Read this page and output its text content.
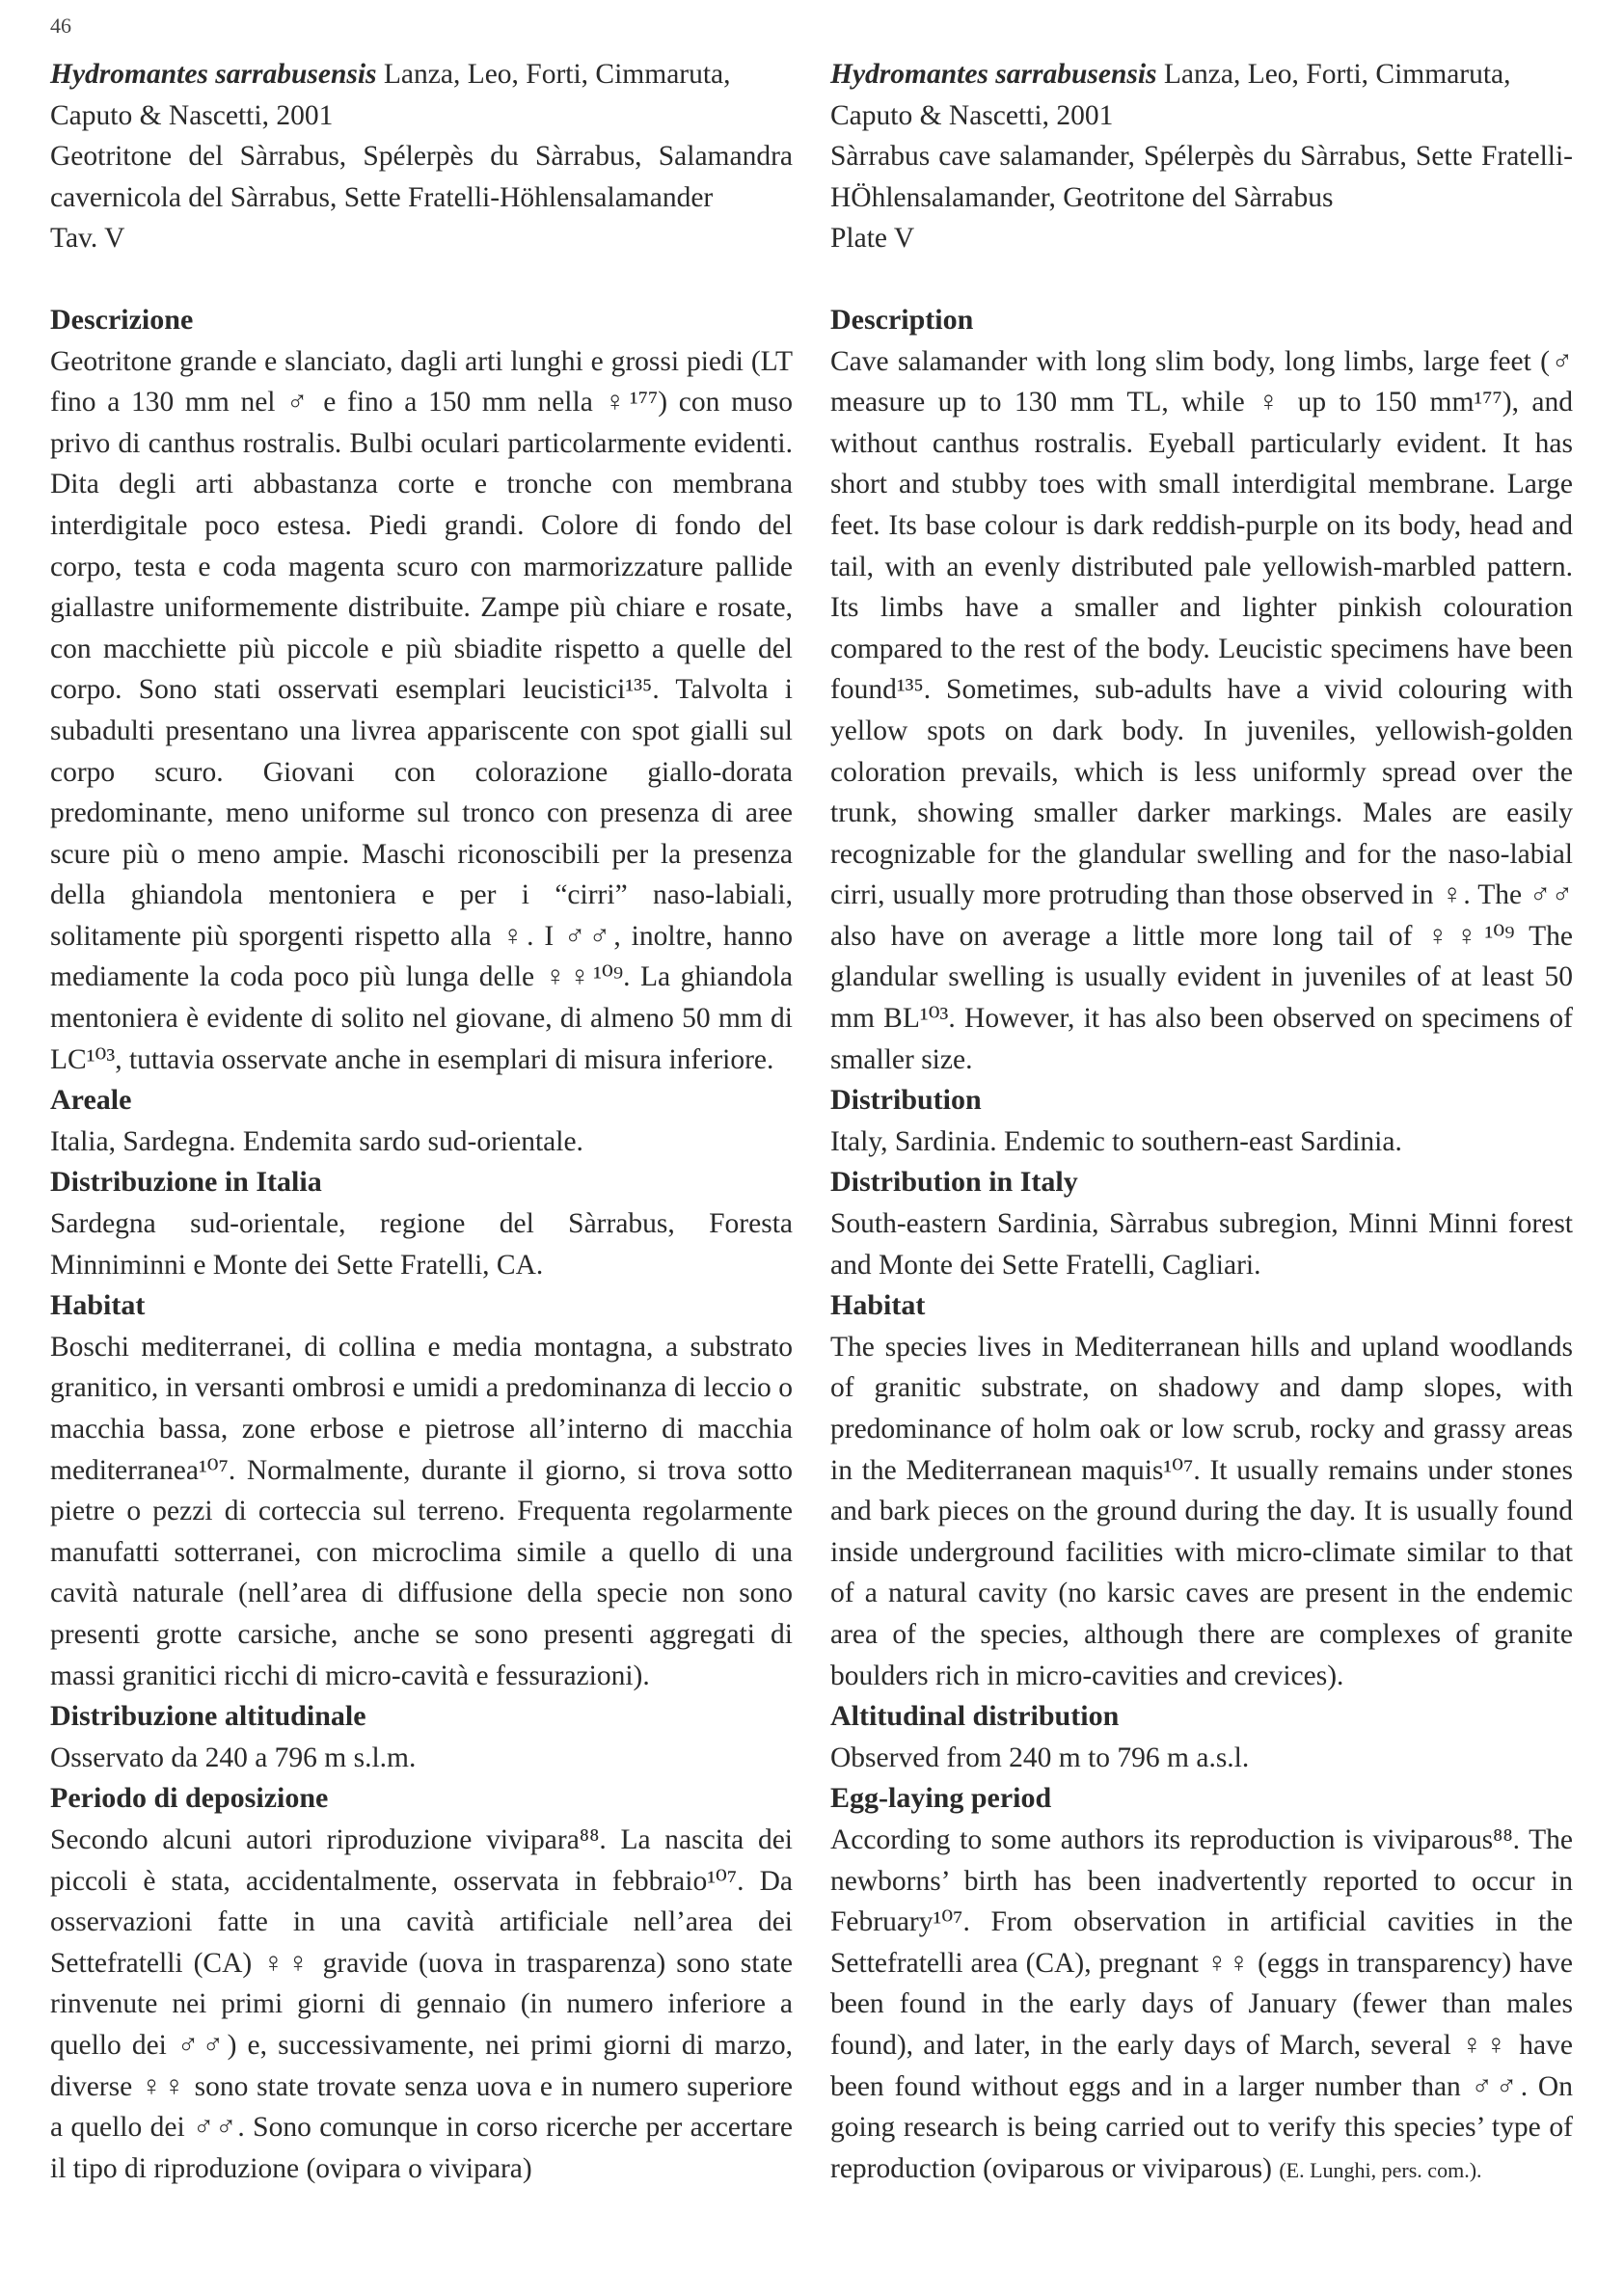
46
Hydromantes sarrabusensis Lanza, Leo, Forti, Cimmaruta,
Caputo & Nascetti, 2001
Geotritone del Sàrrabus, Spélerpès du Sàrrabus, Salamandra cavernicola del Sàrrabus, Sette Fratelli-Höhlensalamander
Tav. V
Descrizione
Geotritone grande e slanciato, dagli arti lunghi e grossi piedi (LT fino a 130 mm nel ♂ e fino a 150 mm nella ♀¹⁷⁷) con muso privo di canthus rostralis. Bulbi oculari particolarmente evidenti. Dita degli arti abbastanza corte e tronche con membrana interdigitale poco estesa. Piedi grandi. Colore di fondo del corpo, testa e coda magenta scuro con marmorizzature pallide giallastre uniformemente distribuite. Zampe più chiare e rosate, con macchiette più piccole e più sbiadite rispetto a quelle del corpo. Sono stati osservati esemplari leucistici¹³⁵. Talvolta i subadulti presentano una livrea appariscente con spot gialli sul corpo scuro. Giovani con colorazione giallo-dorata predominante, meno uniforme sul tronco con presenza di aree scure più o meno ampie. Maschi riconoscibili per la presenza della ghiandola mentoniera e per i “cirri” naso-labiali, solitamente più sporgenti rispetto alla ♀. I ♂♂, inoltre, hanno mediamente la coda poco più lunga delle ♀♀¹⁰⁹. La ghiandola mentoniera è evidente di solito nel giovane, di almeno 50 mm di LC¹⁰³, tuttavia osservate anche in esemplari di misura inferiore.
Areale
Italia, Sardegna. Endemita sardo sud-orientale.
Distribuzione in Italia
Sardegna sud-orientale, regione del Sàrrabus, Foresta Minniminni e Monte dei Sette Fratelli, CA.
Habitat
Boschi mediterranei, di collina e media montagna, a substrato granitico, in versanti ombrosi e umidi a predominanza di leccio o macchia bassa, zone erbose e pietrose all’interno di macchia mediterranea¹⁰⁷. Normalmente, durante il giorno, si trova sotto pietre o pezzi di corteccia sul terreno. Frequenta regolarmente manufatti sotterranei, con microclima simile a quello di una cavità naturale (nell’area di diffusione della specie non sono presenti grotte carsiche, anche se sono presenti aggregati di massi granitici ricchi di micro-cavità e fessurazioni).
Distribuzione altitudinale
Osservato da 240 a 796 m s.l.m.
Periodo di deposizione
Secondo alcuni autori riproduzione vivipara⁸⁸. La nascita dei piccoli è stata, accidentalmente, osservata in febbraio¹⁰⁷. Da osservazioni fatte in una cavità artificiale nell’area dei Settefratelli (CA) ♀♀ gravide (uova in trasparenza) sono state rinvenute nei primi giorni di gennaio (in numero inferiore a quello dei ♂♂) e, successivamente, nei primi giorni di marzo, diverse ♀♀ sono state trovate senza uova e in numero superiore a quello dei ♂♂. Sono comunque in corso ricerche per accertare il tipo di riproduzione (ovipara o vivipara)
Hydromantes sarrabusensis Lanza, Leo, Forti, Cimmaruta,
Caputo & Nascetti, 2001
Sàrrabus cave salamander, Spélerpès du Sàrrabus, Sette Fratelli-HÖhlensalamander, Geotritone del Sàrrabus
Plate V
Description
Cave salamander with long slim body, long limbs, large feet (♂ measure up to 130 mm TL, while ♀ up to 150 mm¹⁷⁷), and without canthus rostralis. Eyeball particularly evident. It has short and stubby toes with small interdigital membrane. Large feet. Its base colour is dark reddish-purple on its body, head and tail, with an evenly distributed pale yellowish-marbled pattern. Its limbs have a smaller and lighter pinkish colouration compared to the rest of the body. Leucistic specimens have been found¹³⁵. Sometimes, sub-adults have a vivid colouring with yellow spots on dark body. In juveniles, yellowish-golden coloration prevails, which is less uniformly spread over the trunk, showing smaller darker markings. Males are easily recognizable for the glandular swelling and for the naso-labial cirri, usually more protruding than those observed in ♀. The ♂♂ also have on average a little more long tail of ♀♀¹⁰⁹ The glandular swelling is usually evident in juveniles of at least 50 mm BL¹⁰³. However, it has also been observed on specimens of smaller size.
Distribution
Italy, Sardinia. Endemic to southern-east Sardinia.
Distribution in Italy
South-eastern Sardinia, Sàrrabus subregion, Minni Minni forest and Monte dei Sette Fratelli, Cagliari.
Habitat
The species lives in Mediterranean hills and upland woodlands of granitic substrate, on shadowy and damp slopes, with predominance of holm oak or low scrub, rocky and grassy areas in the Mediterranean maquis¹⁰⁷. It usually remains under stones and bark pieces on the ground during the day. It is usually found inside underground facilities with micro-climate similar to that of a natural cavity (no karsic caves are present in the endemic area of the species, although there are complexes of granite boulders rich in micro-cavities and crevices).
Altitudinal distribution
Observed from 240 m to 796 m a.s.l.
Egg-laying period
According to some authors its reproduction is viviparous⁸⁸. The newborns’ birth has been inadvertently reported to occur in February¹⁰⁷. From observation in artificial cavities in the Settefratelli area (CA), pregnant ♀♀ (eggs in transparency) have been found in the early days of January (fewer than males found), and later, in the early days of March, several ♀♀ have been found without eggs and in a larger number than ♂♂. On going research is being carried out to verify this species’ type of reproduction (oviparous or viviparous) (E. Lunghi, pers. com.).
